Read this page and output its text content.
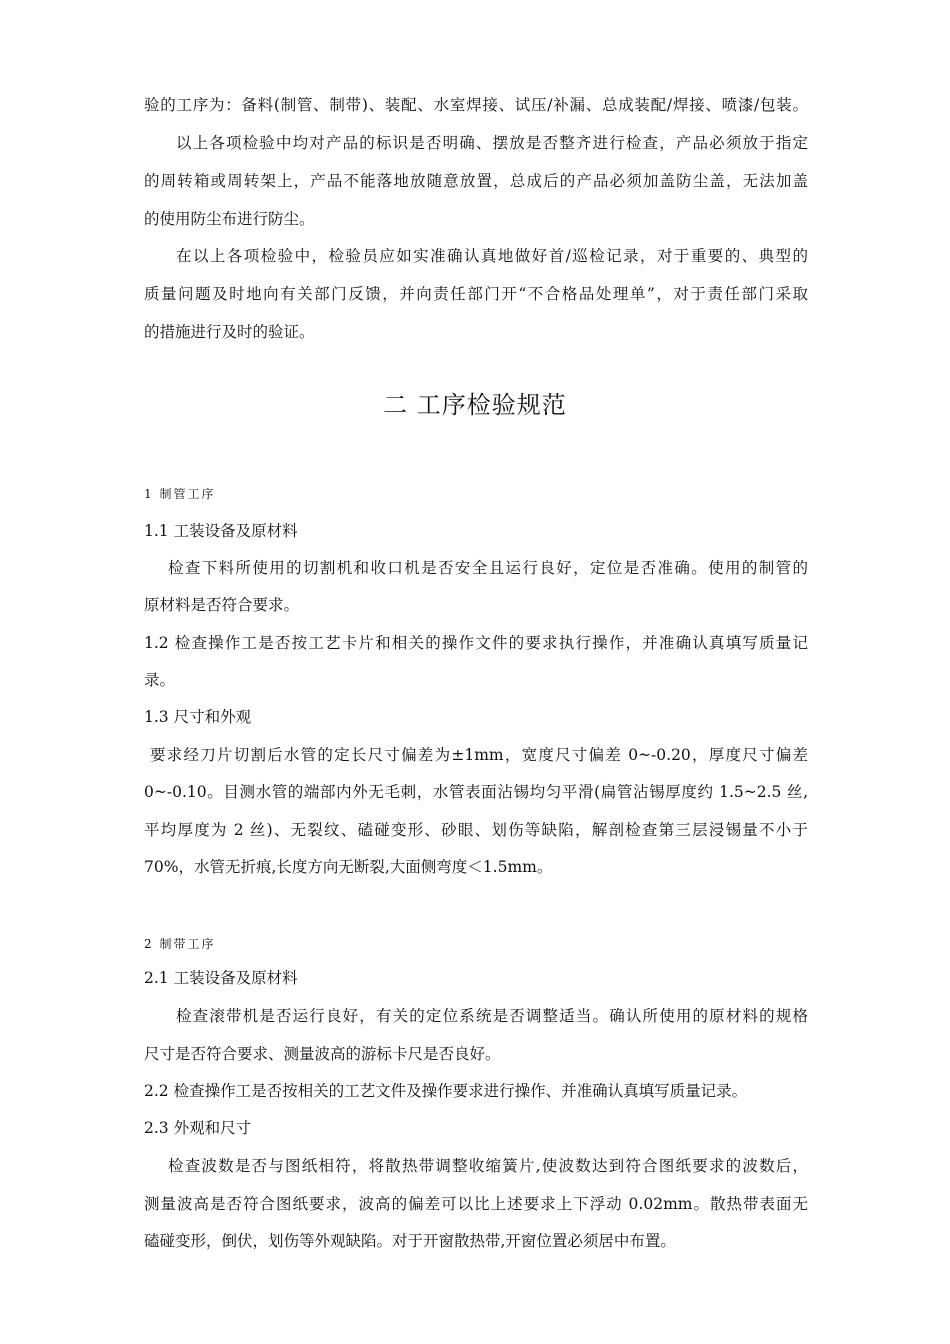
验的工序为：备料(制管、制带)、装配、水室焊接、试压/补漏、总成装配/焊接、喷漆/包装。
以上各项检验中均对产品的标识是否明确、摆放是否整齐进行检查，产品必须放于指定
的周转箱或周转架上，产品不能落地放随意放置，总成后的产品必须加盖防尘盖，无法加盖
的使用防尘布进行防尘。
在以上各项检验中，检验员应如实准确认真地做好首/巡检记录，对于重要的、典型的
质量问题及时地向有关部门反馈，并向责任部门开“不合格品处理单”，对于责任部门采取
的措施进行及时的验证。
二 工序检验规范
1 制管工序
1.1 工装设备及原材料
检查下料所使用的切割机和收口机是否安全且运行良好，定位是否准确。使用的制管的
原材料是否符合要求。
1.2 检查操作工是否按工艺卡片和相关的操作文件的要求执行操作，并准确认真填写质量记
录。
1.3 尺寸和外观
要求经刀片切割后水管的定长尺寸偏差为±1mm，宽度尺寸偏差 0~-0.20，厚度尺寸偏差
0~-0.10。目测水管的端部内外无毛刺，水管表面沾锡均匀平滑(扁管沾锡厚度约 1.5~2.5 丝,
平均厚度为 2 丝)、无裂纹、磕碰变形、砂眼、划伤等缺陷，解剖检查第三层浸锡量不小于
70%，水管无折痕,长度方向无断裂,大面侧弯度＜1.5mm。
2 制带工序
2.1 工装设备及原材料
检查滚带机是否运行良好，有关的定位系统是否调整适当。确认所使用的原材料的规格
尺寸是否符合要求、测量波高的游标卡尺是否良好。
2.2 检查操作工是否按相关的工艺文件及操作要求进行操作、并准确认真填写质量记录。
2.3 外观和尺寸
检查波数是否与图纸相符，将散热带调整收缩簧片,使波数达到符合图纸要求的波数后，
测量波高是否符合图纸要求，波高的偏差可以比上述要求上下浮动 0.02mm。散热带表面无
磕碰变形，倒伏，划伤等外观缺陷。对于开窗散热带,开窗位置必须居中布置。
